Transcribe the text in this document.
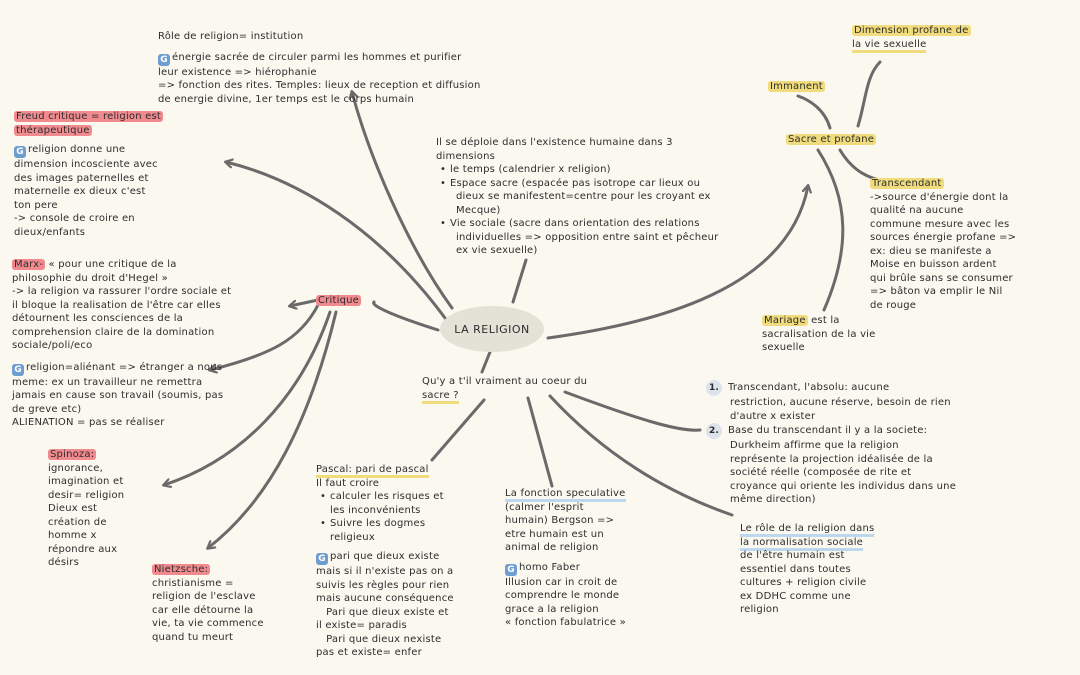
Rôle de religion= institution
G énergie sacrée de circuler parmi les hommes et purifier
leur existence => hiérophanie
=> fonction des rites. Temples: lieux de reception et diffusion
de energie divine, 1er temps est le corps humain
Freud critique = religion est
thérapeutique
G religion donne une
dimension incosciente avec
des images paternelles et
maternelle ex dieux c'est
ton pere
-> console de croire en
dieux/enfants
Il se déploie dans l'existence humaine dans 3
dimensions
• le temps (calendrier x religion)
• Espace sacre (espacée pas isotrope car lieux ou
dieux se manifestent=centre pour les croyant ex
Mecque)
• Vie sociale (sacre dans orientation des relations
individuelles => opposition entre saint et pêcheur
ex vie sexuelle)
Dimension profane de
la vie sexuelle
Immanent
Sacre et profane
Transcendant
->source d'énergie dont la
qualité na aucune
commune mesure avec les
sources énergie profane =>
ex: dieu se manifeste a
Moise en buisson ardent
qui brûle sans se consumer
=> bâton va emplir le Nil
de rouge
Mariage est la
sacralisation de la vie
sexuelle
Marx- « pour une critique de la
philosophie du droit d'Hegel »
-> la religion va rassurer l'ordre sociale et
il bloque la realisation de l'être car elles
détournent les consciences de la
comprehension claire de la domination
sociale/poli/eco
G religion=aliénant => étranger a nous
meme: ex un travailleur ne remettra
jamais en cause son travail (soumis, pas
de greve etc)
ALIENATION = pas se réaliser
Critique
LA RELIGION
Qu'y a t'il vraiment au coeur du
sacre ?
1. Transcendant, l'absolu: aucune
restriction, aucune réserve, besoin de rien
d'autre x exister
2. Base du transcendant il y a la societe:
Durkheim affirme que la religion
représente la projection idéalisée de la
société réelle (composée de rite et
croyance qui oriente les individus dans une
même direction)
Spinoza:
ignorance,
imagination et
desir= religion
Dieux est
création de
homme x
répondre aux
désirs
Nietzsche:
christianisme =
religion de l'esclave
car elle détourne la
vie, ta vie commence
quand tu meurt
Pascal: pari de pascal
Il faut croire
• calculer les risques et
les inconvénients
• Suivre les dogmes
religieux
G pari que dieux existe
mais si il n'existe pas on a
suivis les règles pour rien
mais aucune conséquence
Pari que dieux existe et
il existe= paradis
Pari que dieux nexiste
pas et existe= enfer
La fonction speculative
(calmer l'esprit
humain) Bergson =>
etre humain est un
animal de religion
G homo Faber
Illusion car in croit de
comprendre le monde
grace a la religion
« fonction fabulatrice »
Le rôle de la religion dans
la normalisation sociale
de l'être humain est
essentiel dans toutes
cultures + religion civile
ex DDHC comme une
religion
